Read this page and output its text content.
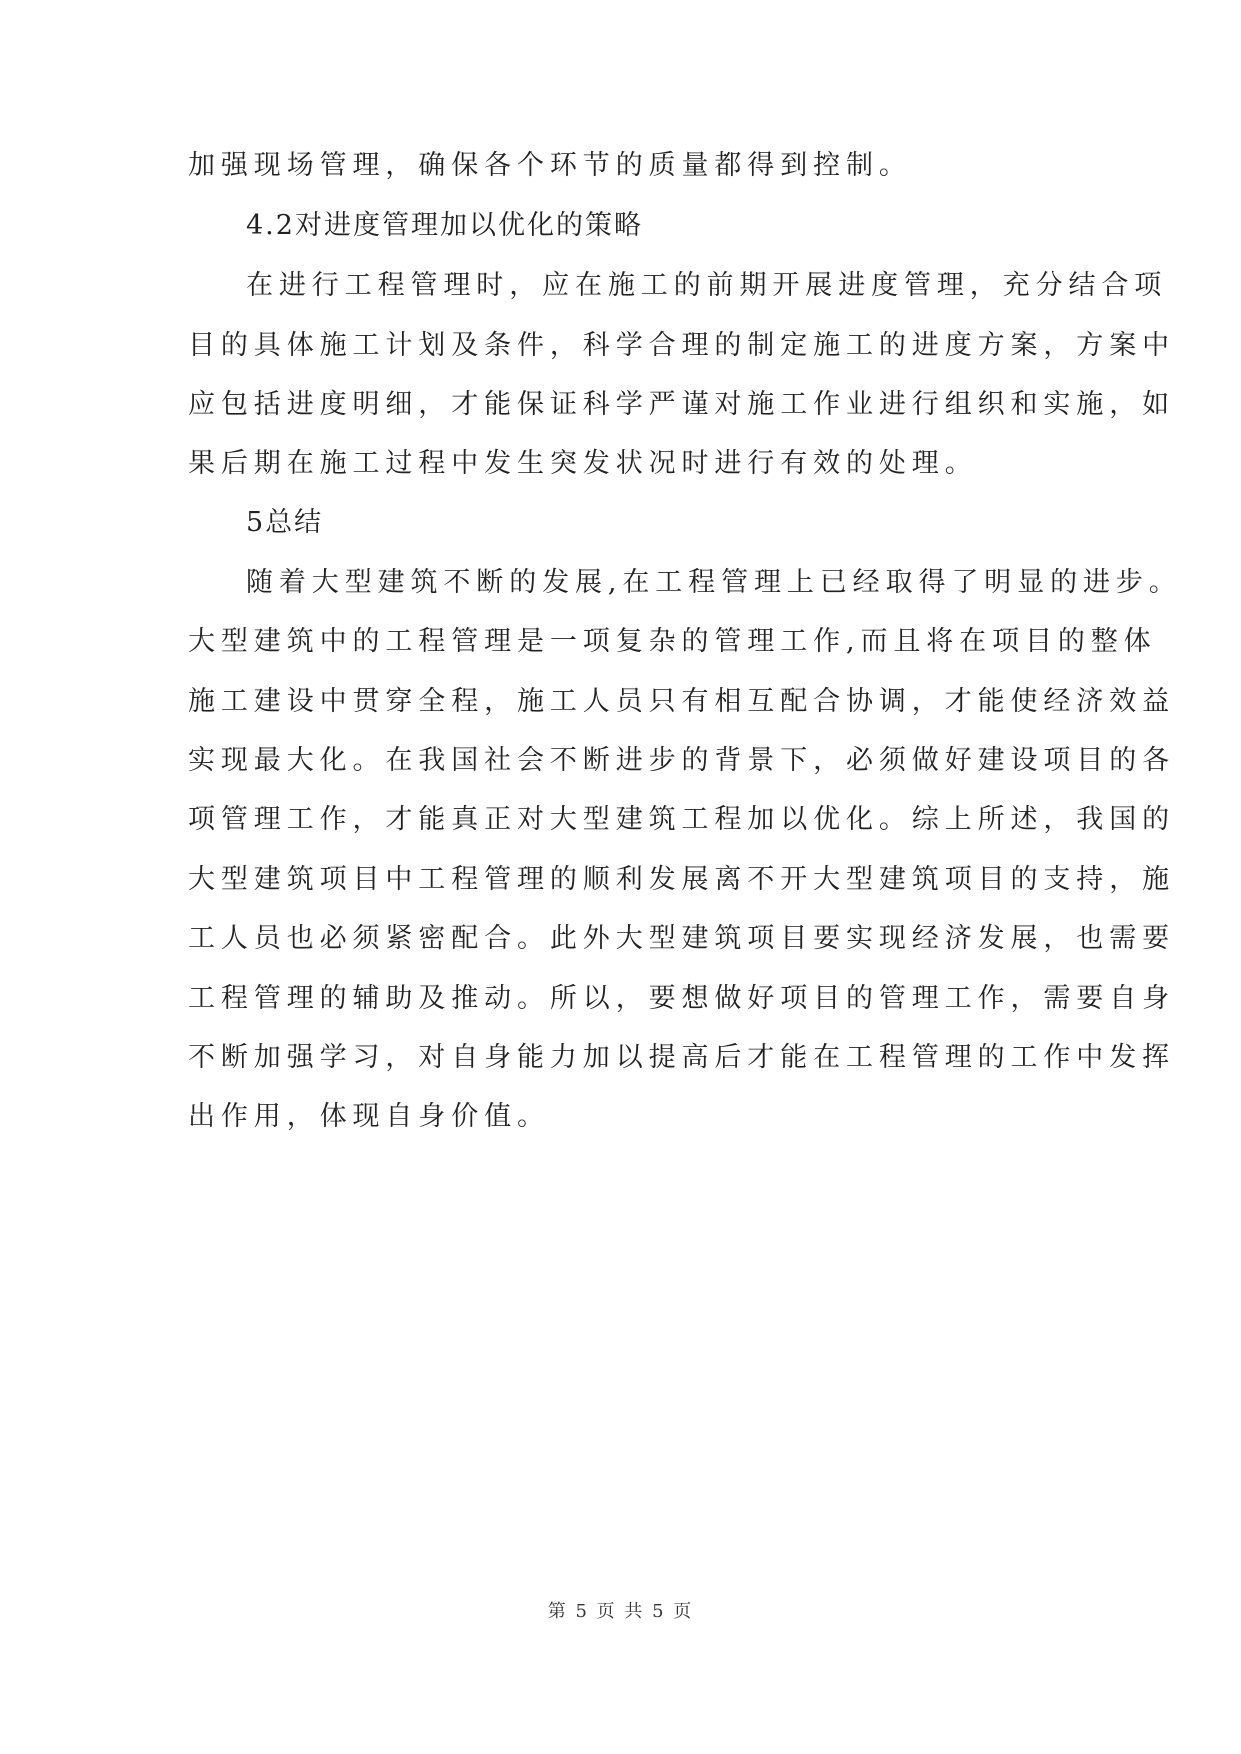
加强现场管理，确保各个环节的质量都得到控制。
4.2对进度管理加以优化的策略
在进行工程管理时，应在施工的前期开展进度管理，充分结合项
目的具体施工计划及条件，科学合理的制定施工的进度方案，方案中
应包括进度明细，才能保证科学严谨对施工作业进行组织和实施，如
果后期在施工过程中发生突发状况时进行有效的处理。
5总结
随着大型建筑不断的发展,在工程管理上已经取得了明显的进步。
大型建筑中的工程管理是一项复杂的管理工作,而且将在项目的整体
施工建设中贯穿全程，施工人员只有相互配合协调，才能使经济效益
实现最大化。在我国社会不断进步的背景下，必须做好建设项目的各
项管理工作，才能真正对大型建筑工程加以优化。综上所述，我国的
大型建筑项目中工程管理的顺利发展离不开大型建筑项目的支持，施
工人员也必须紧密配合。此外大型建筑项目要实现经济发展，也需要
工程管理的辅助及推动。所以，要想做好项目的管理工作，需要自身
不断加强学习，对自身能力加以提高后才能在工程管理的工作中发挥
出作用，体现自身价值。
第 5 页 共 5 页
